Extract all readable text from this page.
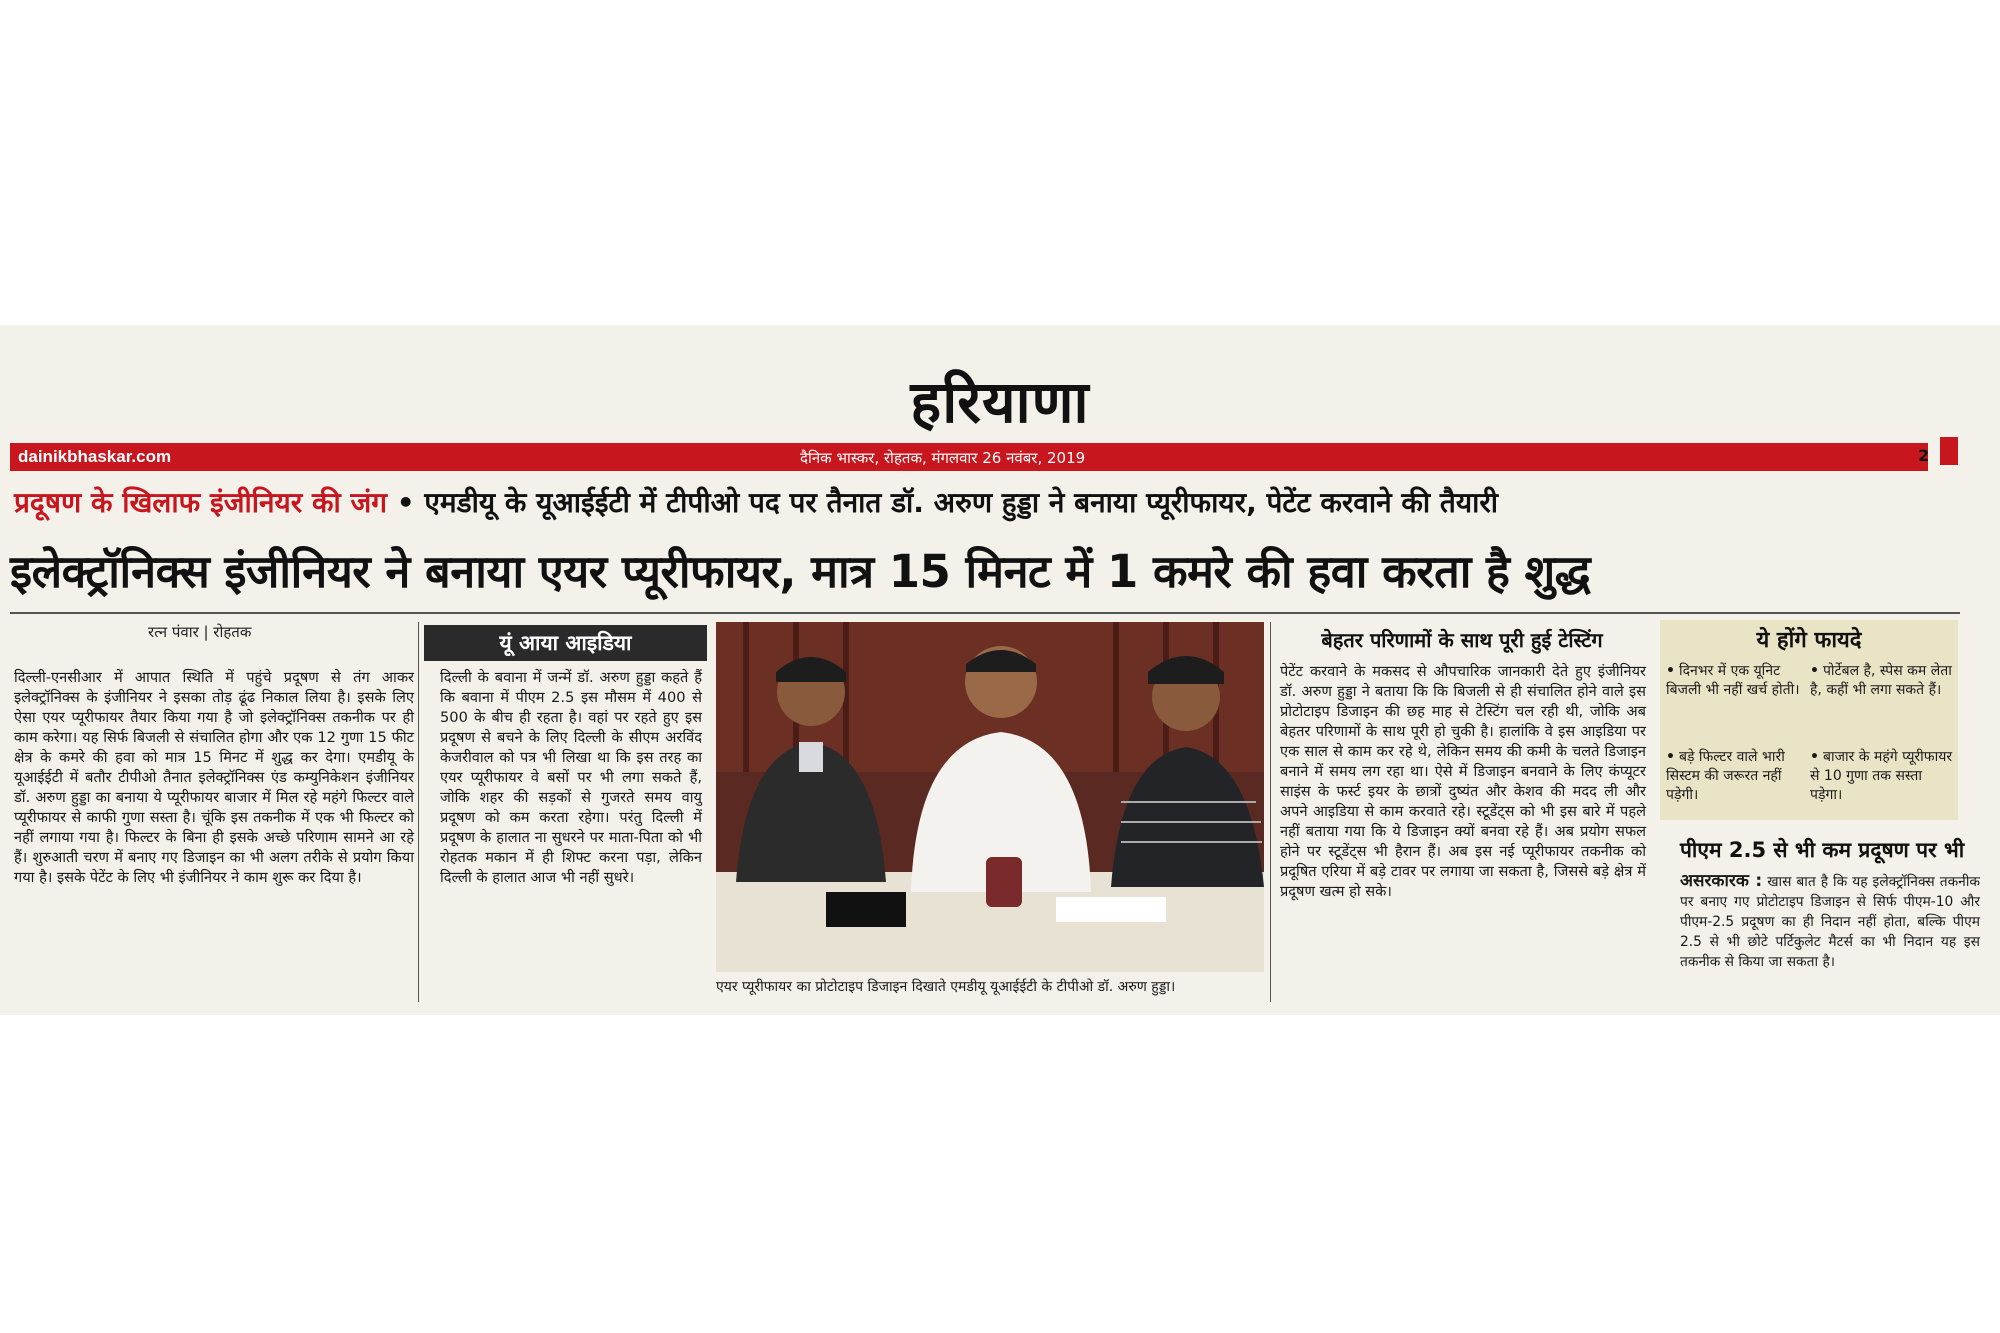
हरियाणा
dainikbhaskar.com	दैनिक भास्कर, रोहतक, मंगलवार 26 नवंबर, 2019	2
प्रदूषण के खिलाफ इंजीनियर की जंग • एमडीयू के यूआईईटी में टीपीओ पद पर तैनात डॉ. अरुण हुड्डा ने बनाया प्यूरीफायर, पेटेंट करवाने की तैयारी
इलेक्ट्रॉनिक्स इंजीनियर ने बनाया एयर प्यूरीफायर, मात्र 15 मिनट में 1 कमरे की हवा करता है शुद्ध
रत्न पंवार | रोहतक
दिल्ली-एनसीआर में आपात स्थिति में पहुंचे प्रदूषण से तंग आकर इलेक्ट्रॉनिक्स के इंजीनियर ने इसका तोड़ ढूंढ निकाल लिया है। इसके लिए ऐसा एयर प्यूरीफायर तैयार किया गया है जो इलेक्ट्रॉनिक्स तकनीक पर ही काम करेगा। यह सिर्फ बिजली से संचालित होगा और एक 12 गुणा 15 फीट क्षेत्र के कमरे की हवा को मात्र 15 मिनट में शुद्ध कर देगा। एमडीयू के यूआईईटी में बतौर टीपीओ तैनात इलेक्ट्रॉनिक्स एंड कम्युनिकेशन इंजीनियर डॉ. अरुण हुड्डा का बनाया ये प्यूरीफायर बाजार में मिल रहे महंगे फिल्टर वाले प्यूरीफायर से काफी गुणा सस्ता है। चूंकि इस तकनीक में एक भी फिल्टर को नहीं लगाया गया है। फिल्टर के बिना ही इसके अच्छे परिणाम सामने आ रहे हैं। शुरुआती चरण में बनाए गए डिजाइन का भी अलग तरीके से प्रयोग किया गया है। इसके पेटेंट के लिए भी इंजीनियर ने काम शुरू कर दिया है।
यूं आया आइडिया
दिल्ली के बवाना में जन्में डॉ. अरुण हुड्डा कहते हैं कि बवाना में पीएम 2.5 इस मौसम में 400 से 500 के बीच ही रहता है। वहां पर रहते हुए इस प्रदूषण से बचने के लिए दिल्ली के सीएम अरविंद केजरीवाल को पत्र भी लिखा था कि इस तरह का एयर प्यूरीफायर वे बसों पर भी लगा सकते हैं, जोकि शहर की सड़कों से गुजरते समय वायु प्रदूषण को कम करता रहेगा। परंतु दिल्ली में प्रदूषण के हालात ना सुधरने पर माता-पिता को भी रोहतक मकान में ही शिफ्ट करना पड़ा, लेकिन दिल्ली के हालात आज भी नहीं सुधरे।
एयर प्यूरीफायर का प्रोटोटाइप डिजाइन दिखाते एमडीयू यूआईईटी के टीपीओ डॉ. अरुण हुड्डा।
बेहतर परिणामों के साथ पूरी हुई टेस्टिंग
पेटेंट करवाने के मकसद से औपचारिक जानकारी देते हुए इंजीनियर डॉ. अरुण हुड्डा ने बताया कि कि बिजली से ही संचालित होने वाले इस प्रोटोटाइप डिजाइन की छह माह से टेस्टिंग चल रही थी, जोकि अब बेहतर परिणामों के साथ पूरी हो चुकी है। हालांकि वे इस आइडिया पर एक साल से काम कर रहे थे, लेकिन समय की कमी के चलते डिजाइन बनाने में समय लग रहा था। ऐसे में डिजाइन बनवाने के लिए कंप्यूटर साइंस के फर्स्ट इयर के छात्रों दुष्यंत और केशव की मदद ली और अपने आइडिया से काम करवाते रहे। स्टूडेंट्स को भी इस बारे में पहले नहीं बताया गया कि ये डिजाइन क्यों बनवा रहे हैं। अब प्रयोग सफल होने पर स्टूडेंट्स भी हैरान हैं। अब इस नई प्यूरीफायर तकनीक को प्रदूषित एरिया में बड़े टावर पर लगाया जा सकता है, जिससे बड़े क्षेत्र में प्रदूषण खत्म हो सके।
ये होंगे फायदे
• दिनभर में एक यूनिट बिजली भी नहीं खर्च होती।
• पोर्टेबल है, स्पेस कम लेता है, कहीं भी लगा सकते हैं।
• बड़े फिल्टर वाले भारी सिस्टम की जरूरत नहीं पड़ेगी।
• बाजार के महंगे प्यूरीफायर से 10 गुणा तक सस्ता पड़ेगा।
पीएम 2.5 से भी कम प्रदूषण पर भी
असरकारक : खास बात है कि यह इलेक्ट्रॉनिक्स तकनीक पर बनाए गए प्रोटोटाइप डिजाइन से सिर्फ पीएम-10 और पीएम-2.5 प्रदूषण का ही निदान नहीं होता, बल्कि पीएम 2.5 से भी छोटे पर्टिकुलेट मैटर्स का भी निदान यह इस तकनीक से किया जा सकता है।
